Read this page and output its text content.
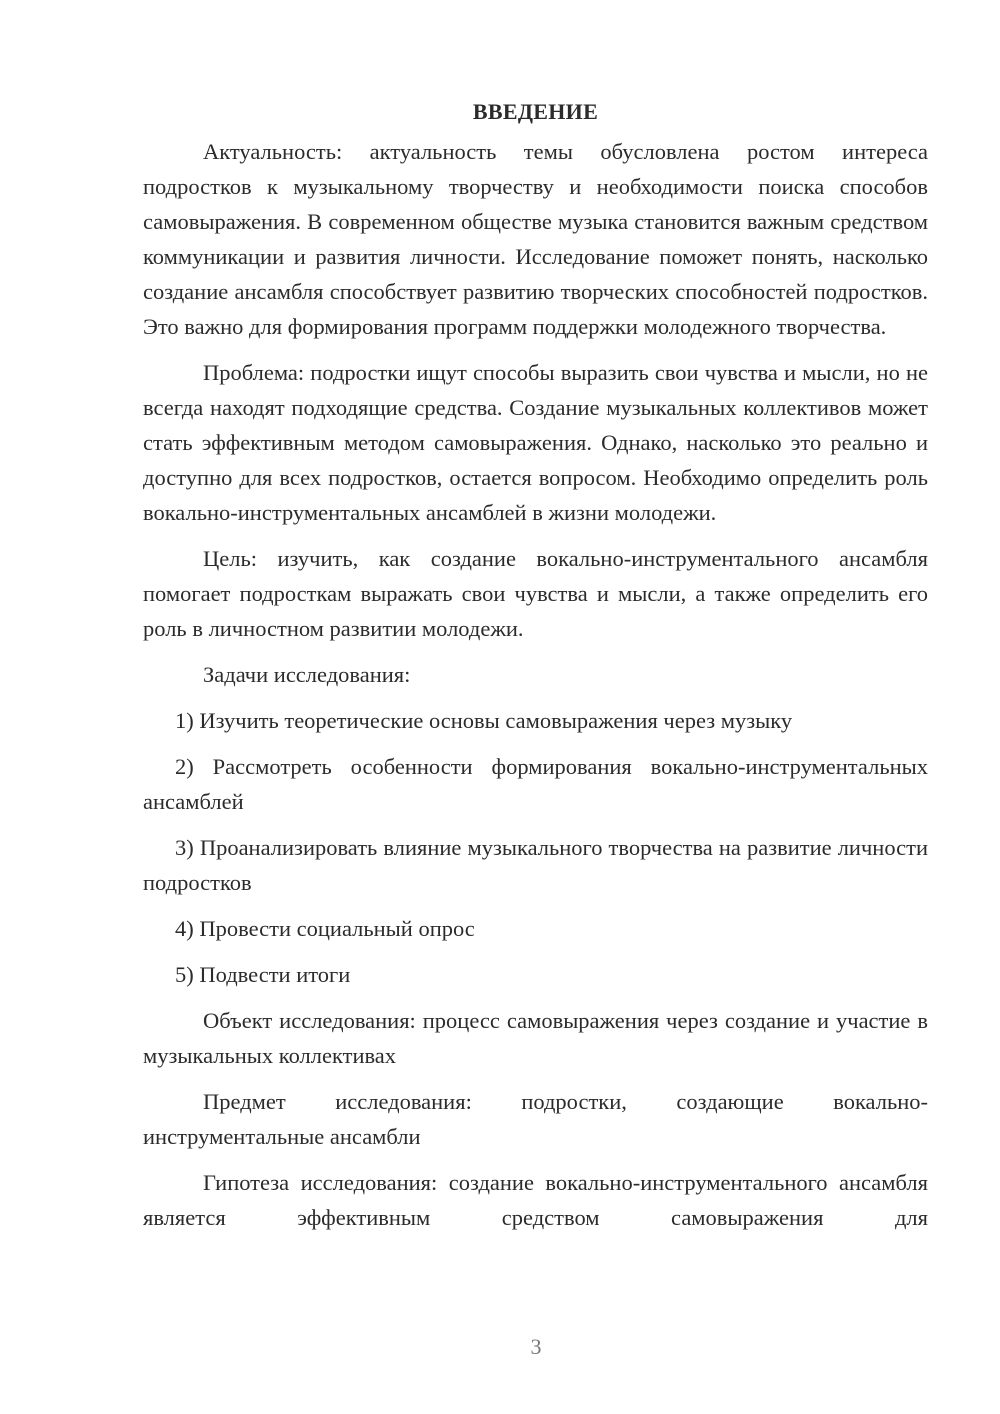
ВВЕДЕНИЕ

Актуальность: актуальность темы обусловлена ростом интереса подростков к музыкальному творчеству и необходимости поиска способов самовыражения. В современном обществе музыка становится важным средством коммуникации и развития личности. Исследование поможет понять, насколько создание ансамбля способствует развитию творческих способностей подростков. Это важно для формирования программ поддержки молодежного творчества.

Проблема: подростки ищут способы выразить свои чувства и мысли, но не всегда находят подходящие средства. Создание музыкальных коллективов может стать эффективным методом самовыражения. Однако, насколько это реально и доступно для всех подростков, остается вопросом. Необходимо определить роль вокально-инструментальных ансамблей в жизни молодежи.

Цель: изучить, как создание вокально-инструментального ансамбля помогает подросткам выражать свои чувства и мысли, а также определить его роль в личностном развитии молодежи.

Задачи исследования:

1) Изучить теоретические основы самовыражения через музыку

2) Рассмотреть особенности формирования вокально-инструментальных ансамблей

3) Проанализировать влияние музыкального творчества на развитие личности подростков

4) Провести социальный опрос

5) Подвести итоги

Объект исследования: процесс самовыражения через создание и участие в музыкальных коллективах

Предмет исследования: подростки, создающие вокально-инструментальные ансамбли

Гипотеза исследования: создание вокально-инструментального ансамбля является эффективным средством самовыражения для

3
